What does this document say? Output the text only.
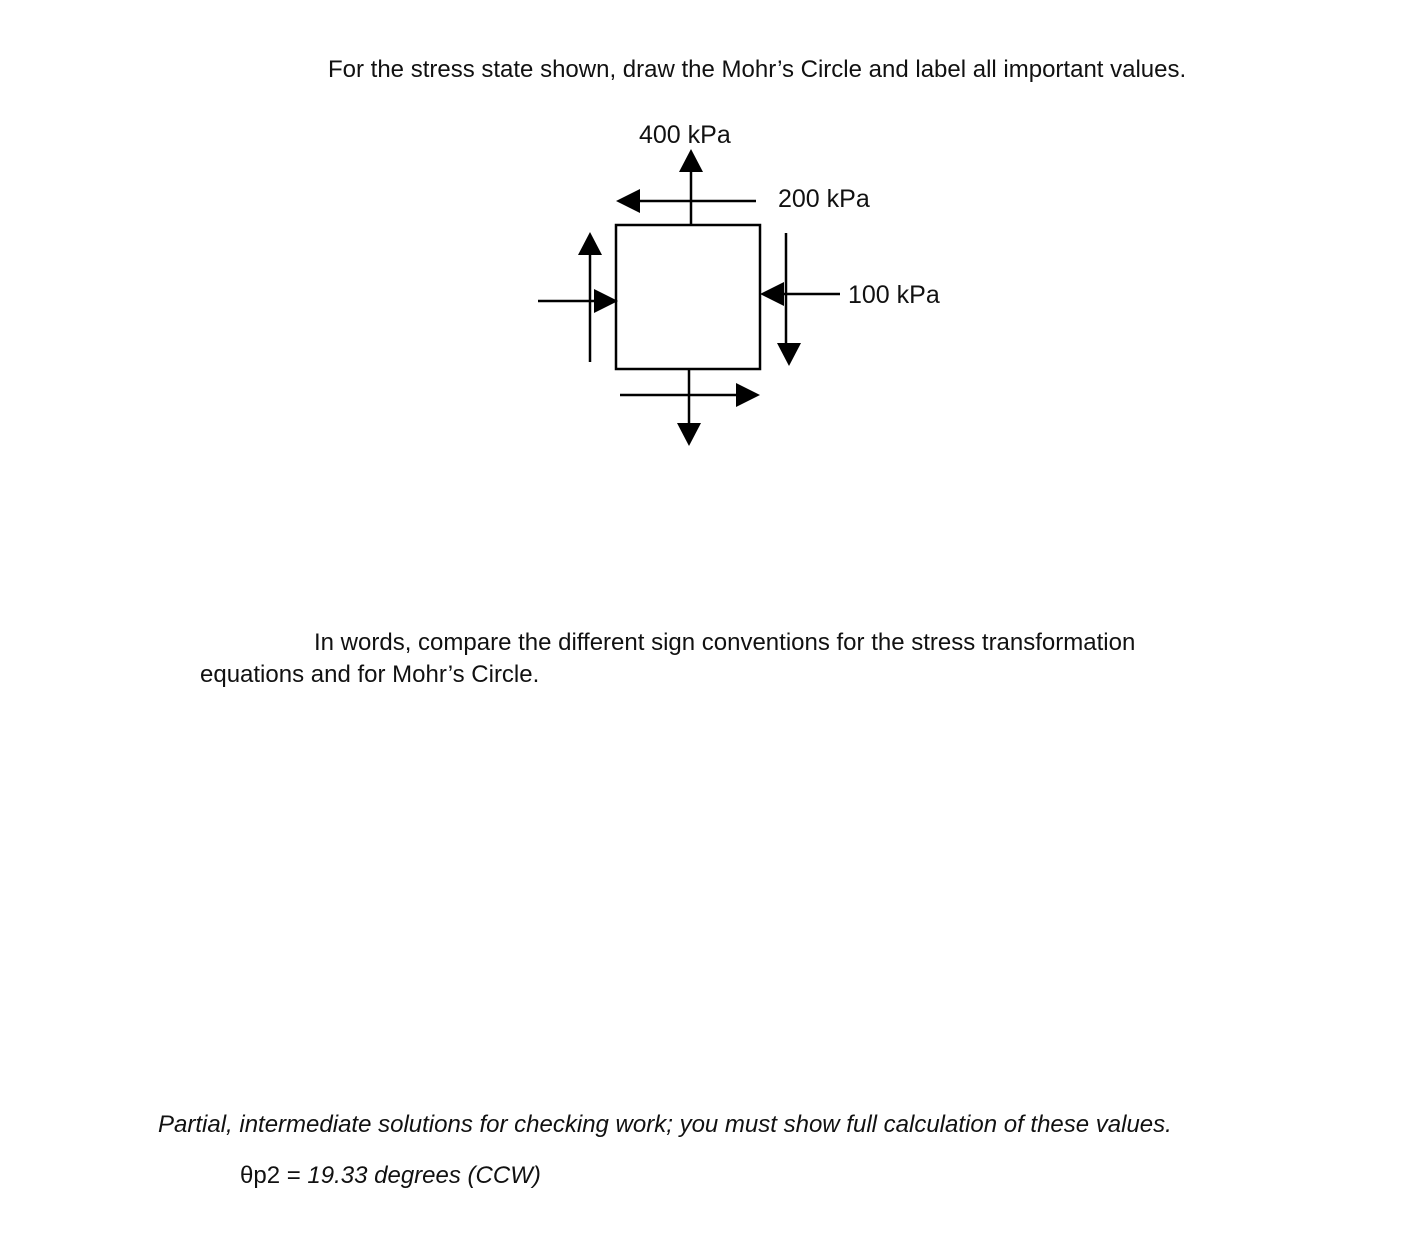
For the stress state shown, draw the Mohr’s Circle and label all important values.

400 kPa
200 kPa
100 kPa

In words, compare the different sign conventions for the stress transformation

equations and for Mohr’s Circle.

Partial, intermediate solutions for checking work; you must show full calculation of these values.

θp2 = 19.33 degrees (CCW)
